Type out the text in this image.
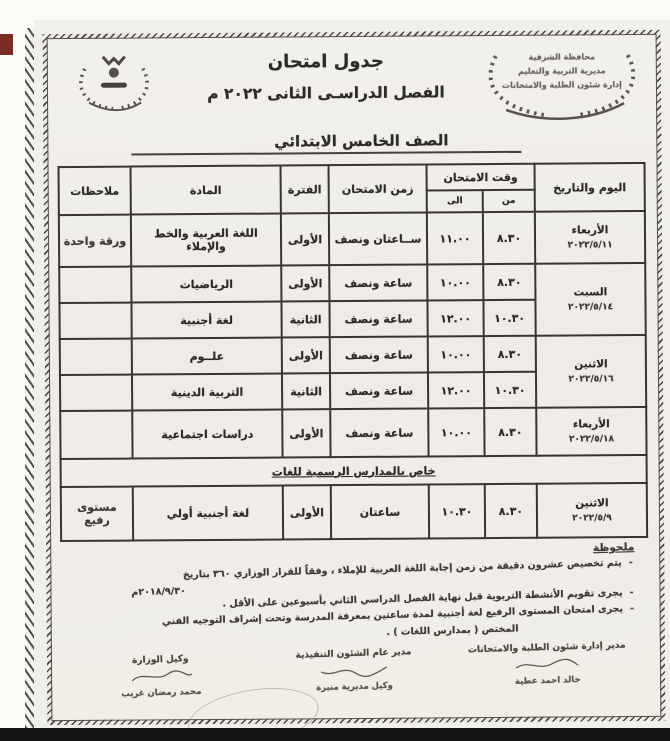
محافظة الشرقية
مديرية التربية والتعليم
إدارة شئون الطلبة والامتحانات
جدول امتحان
الفصل الدراسـى الثانى ٢٠٢٢ م
الصف الخامس الابتدائي
اليوم والتاريخ	وقت الامتحان		زمن الامتحان	الفترة	المادة	ملاحظات
	من	الى				

الأربعاء
٢٠٢٢/٥/١١	٨.٣٠	١١.٠٠	ســاعتان ونصف	الأولى	اللغة العربية والخط والإملاء	ورقة واحدة

السبت
٢٠٢٢/٥/١٤	٨.٣٠	١٠.٠٠	ساعة ونصف	الأولى	الرياضيات	
	١٠.٣٠	١٢.٠٠	ساعة ونصف	الثانية	لغة أجنبية	

الاثنين
٢٠٢٢/٥/١٦	٨.٣٠	١٠.٠٠	ساعة ونصف	الأولى	علــوم	
	١٠.٣٠	١٢.٠٠	ساعة ونصف	الثانية	التربية الدينية	

الأربعاء
٢٠٢٢/٥/١٨	٨.٣٠	١٠.٠٠	ساعة ونصف	الأولى	دراسات اجتماعية	
خاص بالمدارس الرسمية للغات						

الاثنين
٢٠٢٢/٥/٩	٨.٣٠	١٠.٣٠	ساعتان	الأولى	لغة أجنبية أولي	مستوى رفيع
ملحوظة
- يتم تخصيص عشرون دقيقة من زمن إجابة اللغة العربية للإملاء ، وفقاً للقرار الوزاري ٣٦٠ بتاريخ
٢٠١٨/٩/٣٠م	- يجرى تقويم الأنشطة التربوية قبل نهاية الفصل الدراسي الثاني بأسبوعين على الأقل .
- يجرى امتحان المستوى الرفيع لغة أجنبية لمدة ساعتين بمعرفة المدرسة وتحت إشراف التوجيه الفني
المختص ( بمدارس اللغات ) .
مدير إدارة شئون الطلبة والامتحانات
خالد احمد عطية
مدير عام الشئون التنفيذية
وكيل مديرية منيرة
وكيل الوزارة
محمد رمضان غريب
